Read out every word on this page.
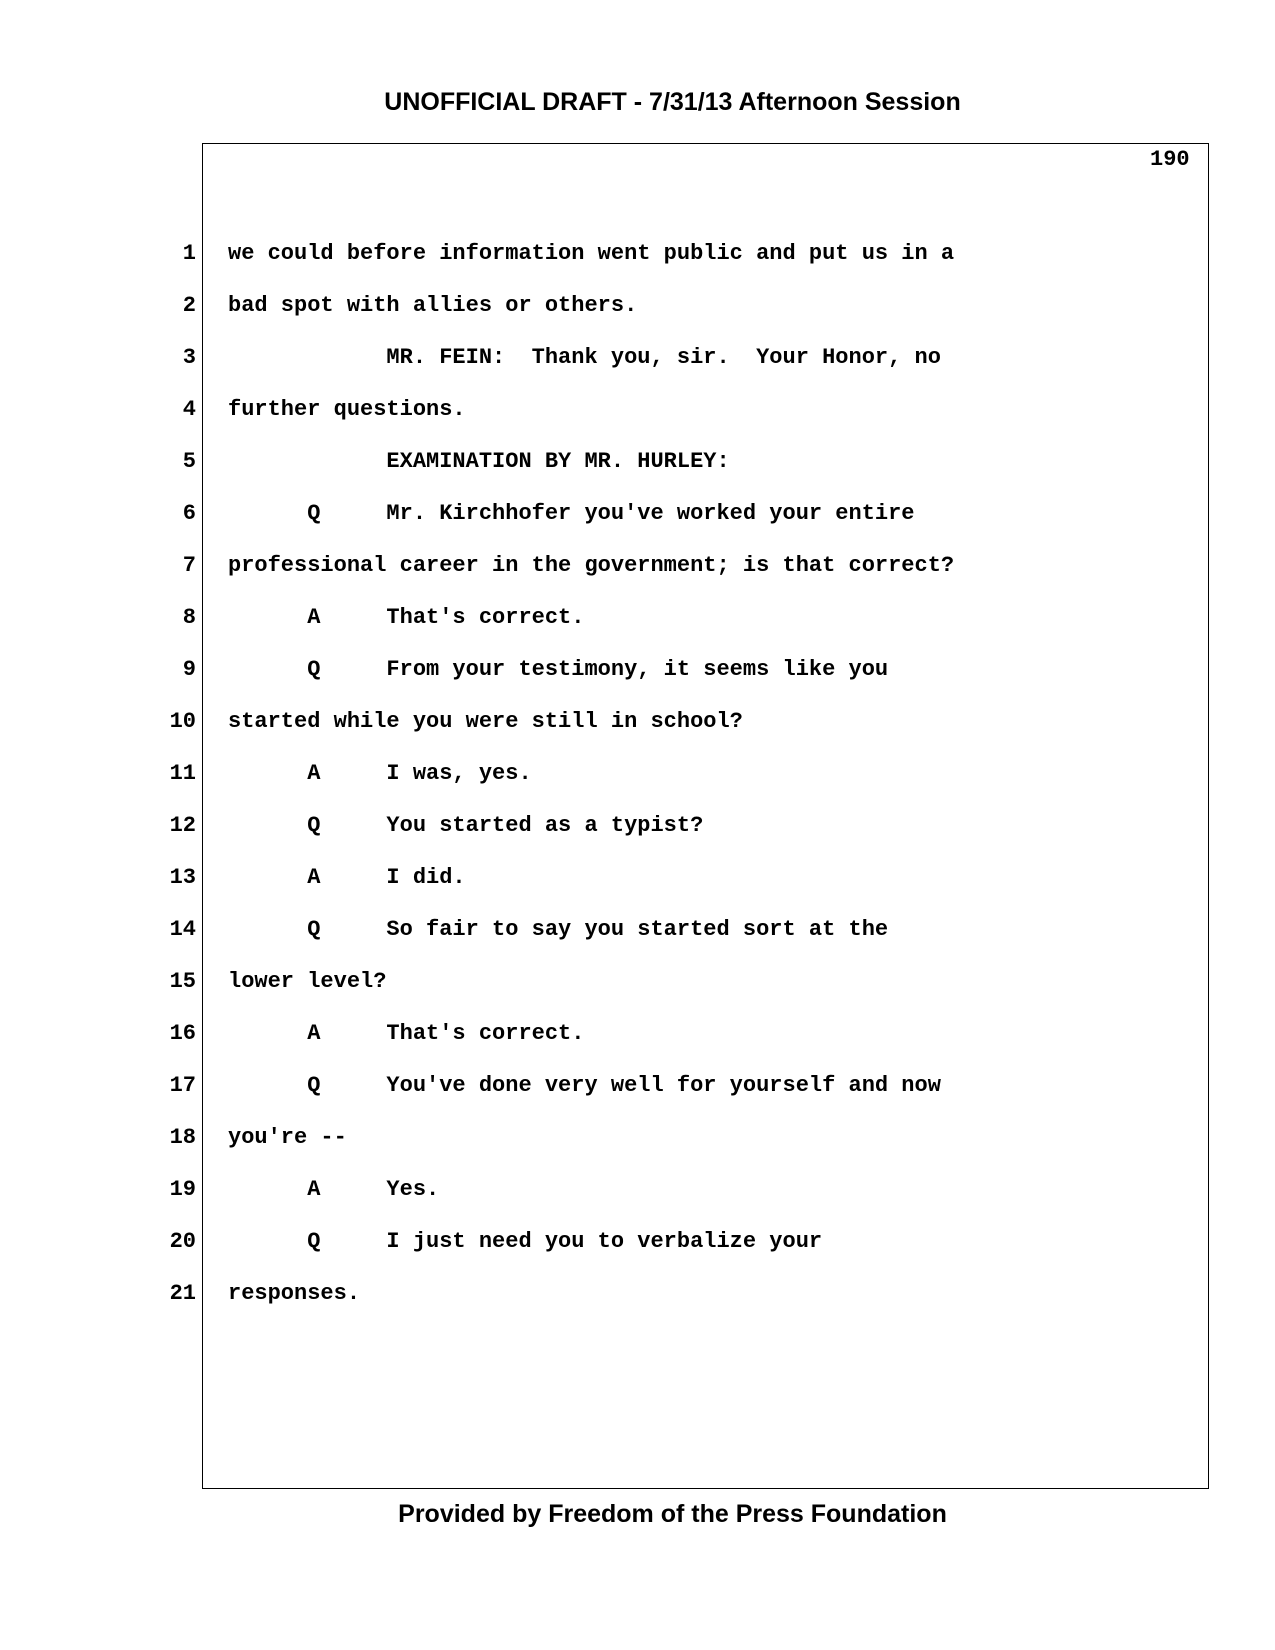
UNOFFICIAL DRAFT - 7/31/13 Afternoon Session
190
1 we could before information went public and put us in a
2 bad spot with allies or others.
3 MR. FEIN:  Thank you, sir.  Your Honor, no
4 further questions.
5 EXAMINATION BY MR. HURLEY:
6 Q     Mr. Kirchhofer you've worked your entire
7 professional career in the government; is that correct?
8 A     That's correct.
9 Q     From your testimony, it seems like you
10 started while you were still in school?
11 A     I was, yes.
12 Q     You started as a typist?
13 A     I did.
14 Q     So fair to say you started sort at the
15 lower level?
16 A     That's correct.
17 Q     You've done very well for yourself and now
18 you're --
19 A     Yes.
20 Q     I just need you to verbalize your
21 responses.
Provided by Freedom of the Press Foundation
